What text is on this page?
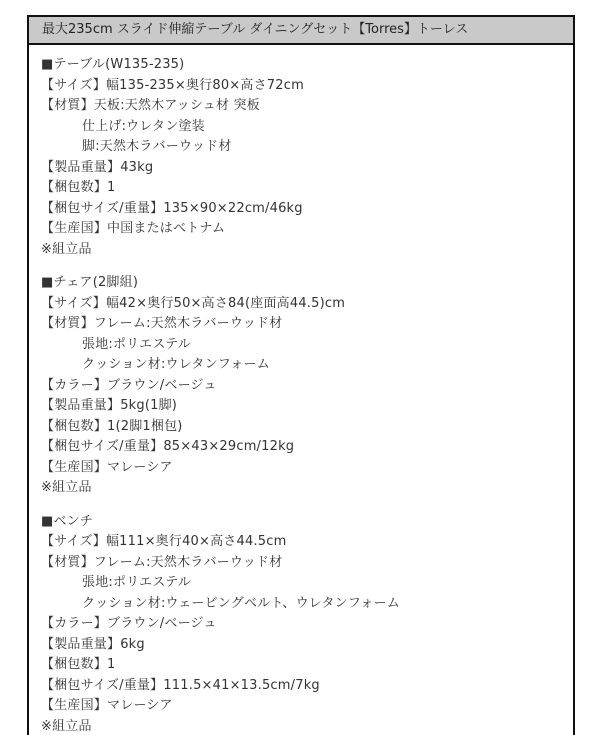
最大235cm スライド伸縮テーブル ダイニングセット【Torres】トーレス
■テーブル(W135-235)
【サイズ】幅135-235×奥行80×高さ72cm
【材質】天板:天然木アッシュ材 突板
仕上げ:ウレタン塗装
脚:天然木ラバーウッド材
【製品重量】43kg
【梱包数】1
【梱包サイズ/重量】135×90×22cm/46kg
【生産国】中国またはベトナム
※組立品
■チェア(2脚組)
【サイズ】幅42×奥行50×高さ84(座面高44.5)cm
【材質】フレーム:天然木ラバーウッド材
張地:ポリエステル
クッション材:ウレタンフォーム
【カラー】ブラウン/ベージュ
【製品重量】5kg(1脚)
【梱包数】1(2脚1梱包)
【梱包サイズ/重量】85×43×29cm/12kg
【生産国】マレーシア
※組立品
■ベンチ
【サイズ】幅111×奥行40×高さ44.5cm
【材質】フレーム:天然木ラバーウッド材
張地:ポリエステル
クッション材:ウェービングベルト、ウレタンフォーム
【カラー】ブラウン/ベージュ
【製品重量】6kg
【梱包数】1
【梱包サイズ/重量】111.5×41×13.5cm/7kg
【生産国】マレーシア
※組立品
